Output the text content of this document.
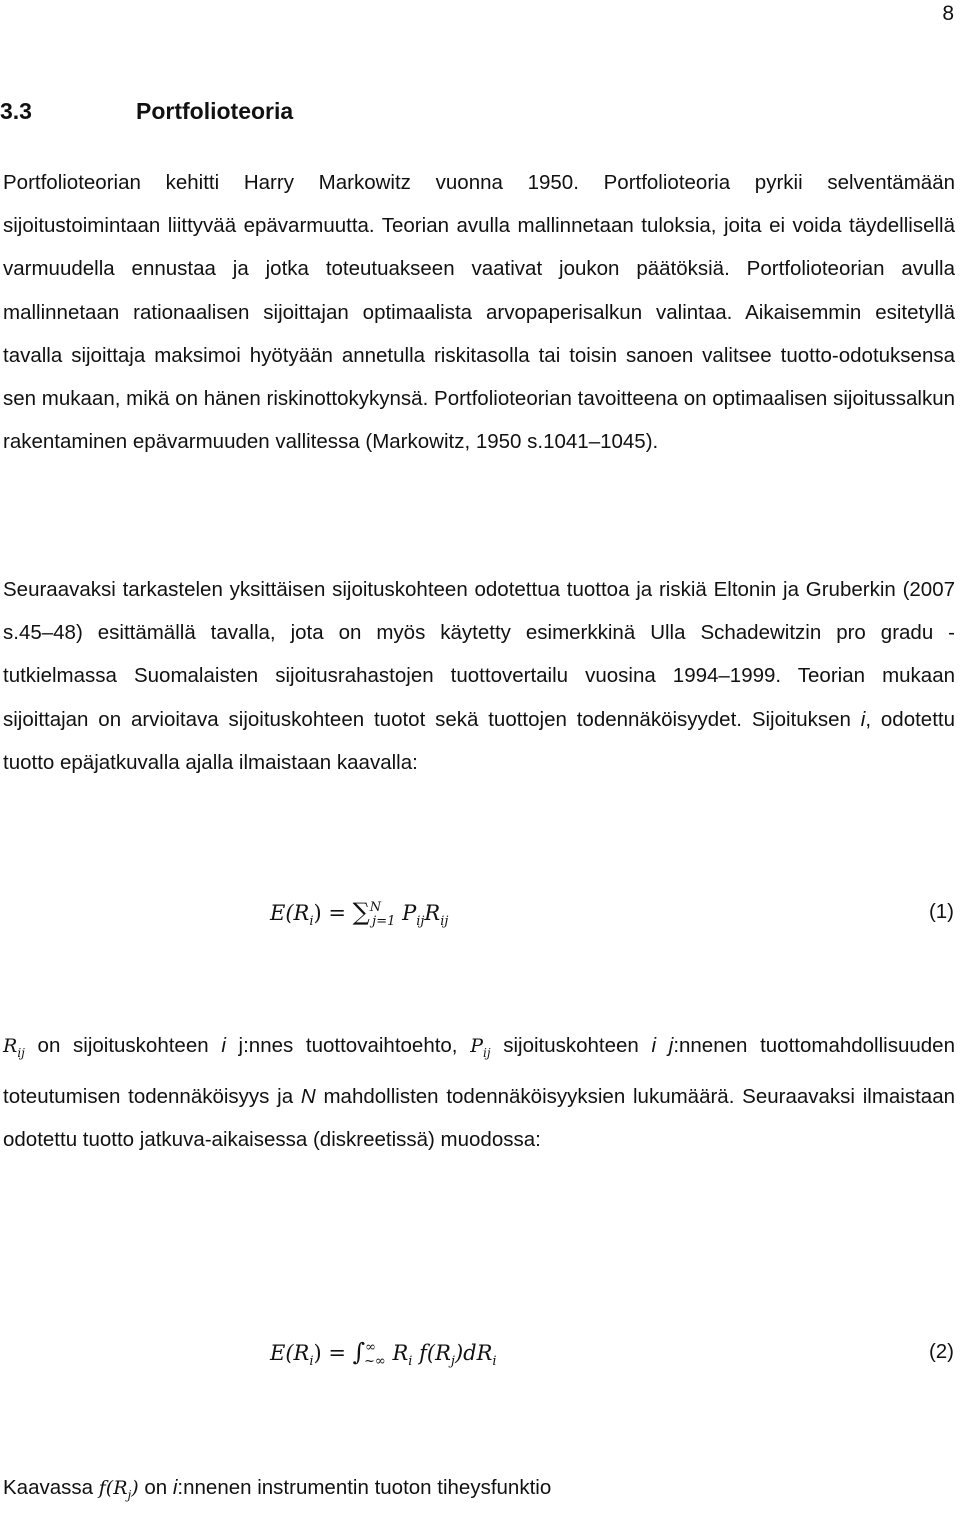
8
3.3	Portfolioteoria

Portfolioteorian kehitti Harry Markowitz vuonna 1950. Portfolioteoria pyrkii selventämään sijoitustoimintaan liittyvää epävarmuutta. Teorian avulla mallinnetaan tuloksia, joita ei voida täydellisellä varmuudella ennustaa ja jotka toteutuakseen vaativat joukon päätöksiä. Portfolioteorian avulla mallinnetaan rationaalisen sijoittajan optimaalista arvopaperisalkun valintaa. Aikaisemmin esitetyllä tavalla sijoittaja maksimoi hyötyään annetulla riskitasolla tai toisin sanoen valitsee tuotto-odotuksensa sen mukaan, mikä on hänen riskinottokykynsä. Portfolioteorian tavoitteena on optimaalisen sijoitussalkun rakentaminen epävarmuuden vallitessa (Markowitz, 1950 s.1041–1045).

Seuraavaksi tarkastelen yksittäisen sijoituskohteen odotettua tuottoa ja riskiä Eltonin ja Gruberkin (2007 s.45–48) esittämällä tavalla, jota on myös käytetty esimerkkinä Ulla Schadewitzin pro gradu -tutkielmassa Suomalaisten sijoitusrahastojen tuottovertailu vuosina 1994–1999. Teorian mukaan sijoittajan on arvioitava sijoituskohteen tuotot sekä tuottojen todennäköisyydet. Sijoituksen i, odotettu tuotto epäjatkuvalla ajalla ilmaistaan kaavalla:

$E(R_i) = \sum^N_{j=1}$ $P_{ij}R_{ij}$	(1)

$R_{ij}$ on sijoituskohteen i j:nnes tuottovaihtoehto, $P_{ij}$ sijoituskohteen i j:nnenen tuottomahdollisuuden toteutumisen todennäköisyys ja N mahdollisten todennäköisyyksien lukumäärä. Seuraavaksi ilmaistaan odotettu tuotto jatkuva-aikaisessa (diskreetissä) muodossa:

$E(R_i) = \int^\infty_{\sim\infty}$ $R_i$ $f(R_j)dR_i$	(2)
Kaavassa $f(R_j)$ on i:nnenen instrumentin tuoton tiheysfunktio
